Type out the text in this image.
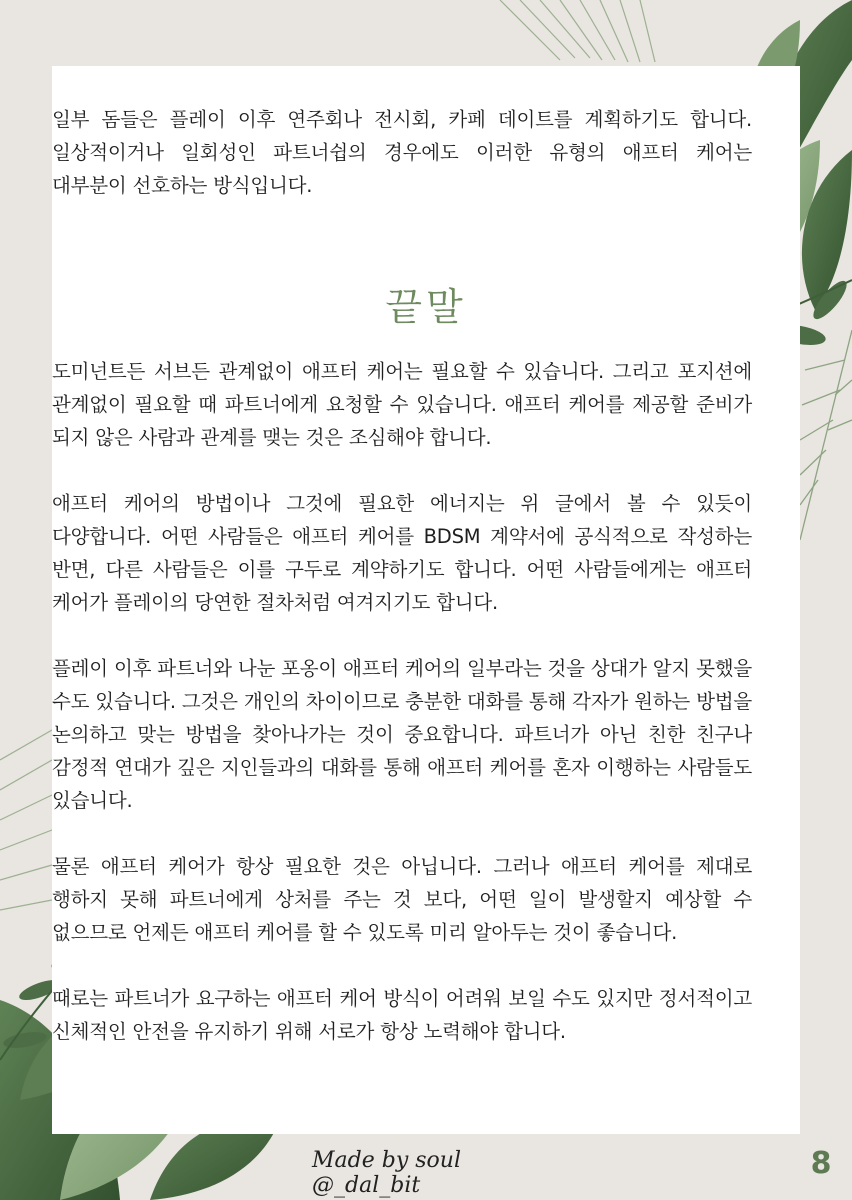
일부 돔들은 플레이 이후 연주회나 전시회, 카페 데이트를 계획하기도 합니다. 일상적이거나 일회성인 파트너쉽의 경우에도 이러한 유형의 애프터 케어는 대부분이 선호하는 방식입니다.

끝말

도미넌트든 서브든 관계없이 애프터 케어는 필요할 수 있습니다. 그리고 포지션에 관계없이 필요할 때 파트너에게 요청할 수 있습니다. 애프터 케어를 제공할 준비가 되지 않은 사람과 관계를 맺는 것은 조심해야 합니다.

애프터 케어의 방법이나 그것에 필요한 에너지는 위 글에서 볼 수 있듯이 다양합니다. 어떤 사람들은 애프터 케어를 BDSM 계약서에 공식적으로 작성하는 반면, 다른 사람들은 이를 구두로 계약하기도 합니다. 어떤 사람들에게는 애프터 케어가 플레이의 당연한 절차처럼 여겨지기도 합니다.

플레이 이후 파트너와 나눈 포옹이 애프터 케어의 일부라는 것을 상대가 알지 못했을 수도 있습니다. 그것은 개인의 차이이므로 충분한 대화를 통해 각자가 원하는 방법을 논의하고 맞는 방법을 찾아나가는 것이 중요합니다. 파트너가 아닌 친한 친구나 감정적 연대가 깊은 지인들과의 대화를 통해 애프터 케어를 혼자 이행하는 사람들도 있습니다.

물론 애프터 케어가 항상 필요한 것은 아닙니다. 그러나 애프터 케어를 제대로 행하지 못해 파트너에게 상처를 주는 것 보다, 어떤 일이 발생할지 예상할 수 없으므로 언제든 애프터 케어를 할 수 있도록 미리 알아두는 것이 좋습니다.

때로는 파트너가 요구하는 애프터 케어 방식이 어려워 보일 수도 있지만 정서적이고 신체적인 안전을 유지하기 위해 서로가 항상 노력해야 합니다.

Made by soul @_dal_bit
8
